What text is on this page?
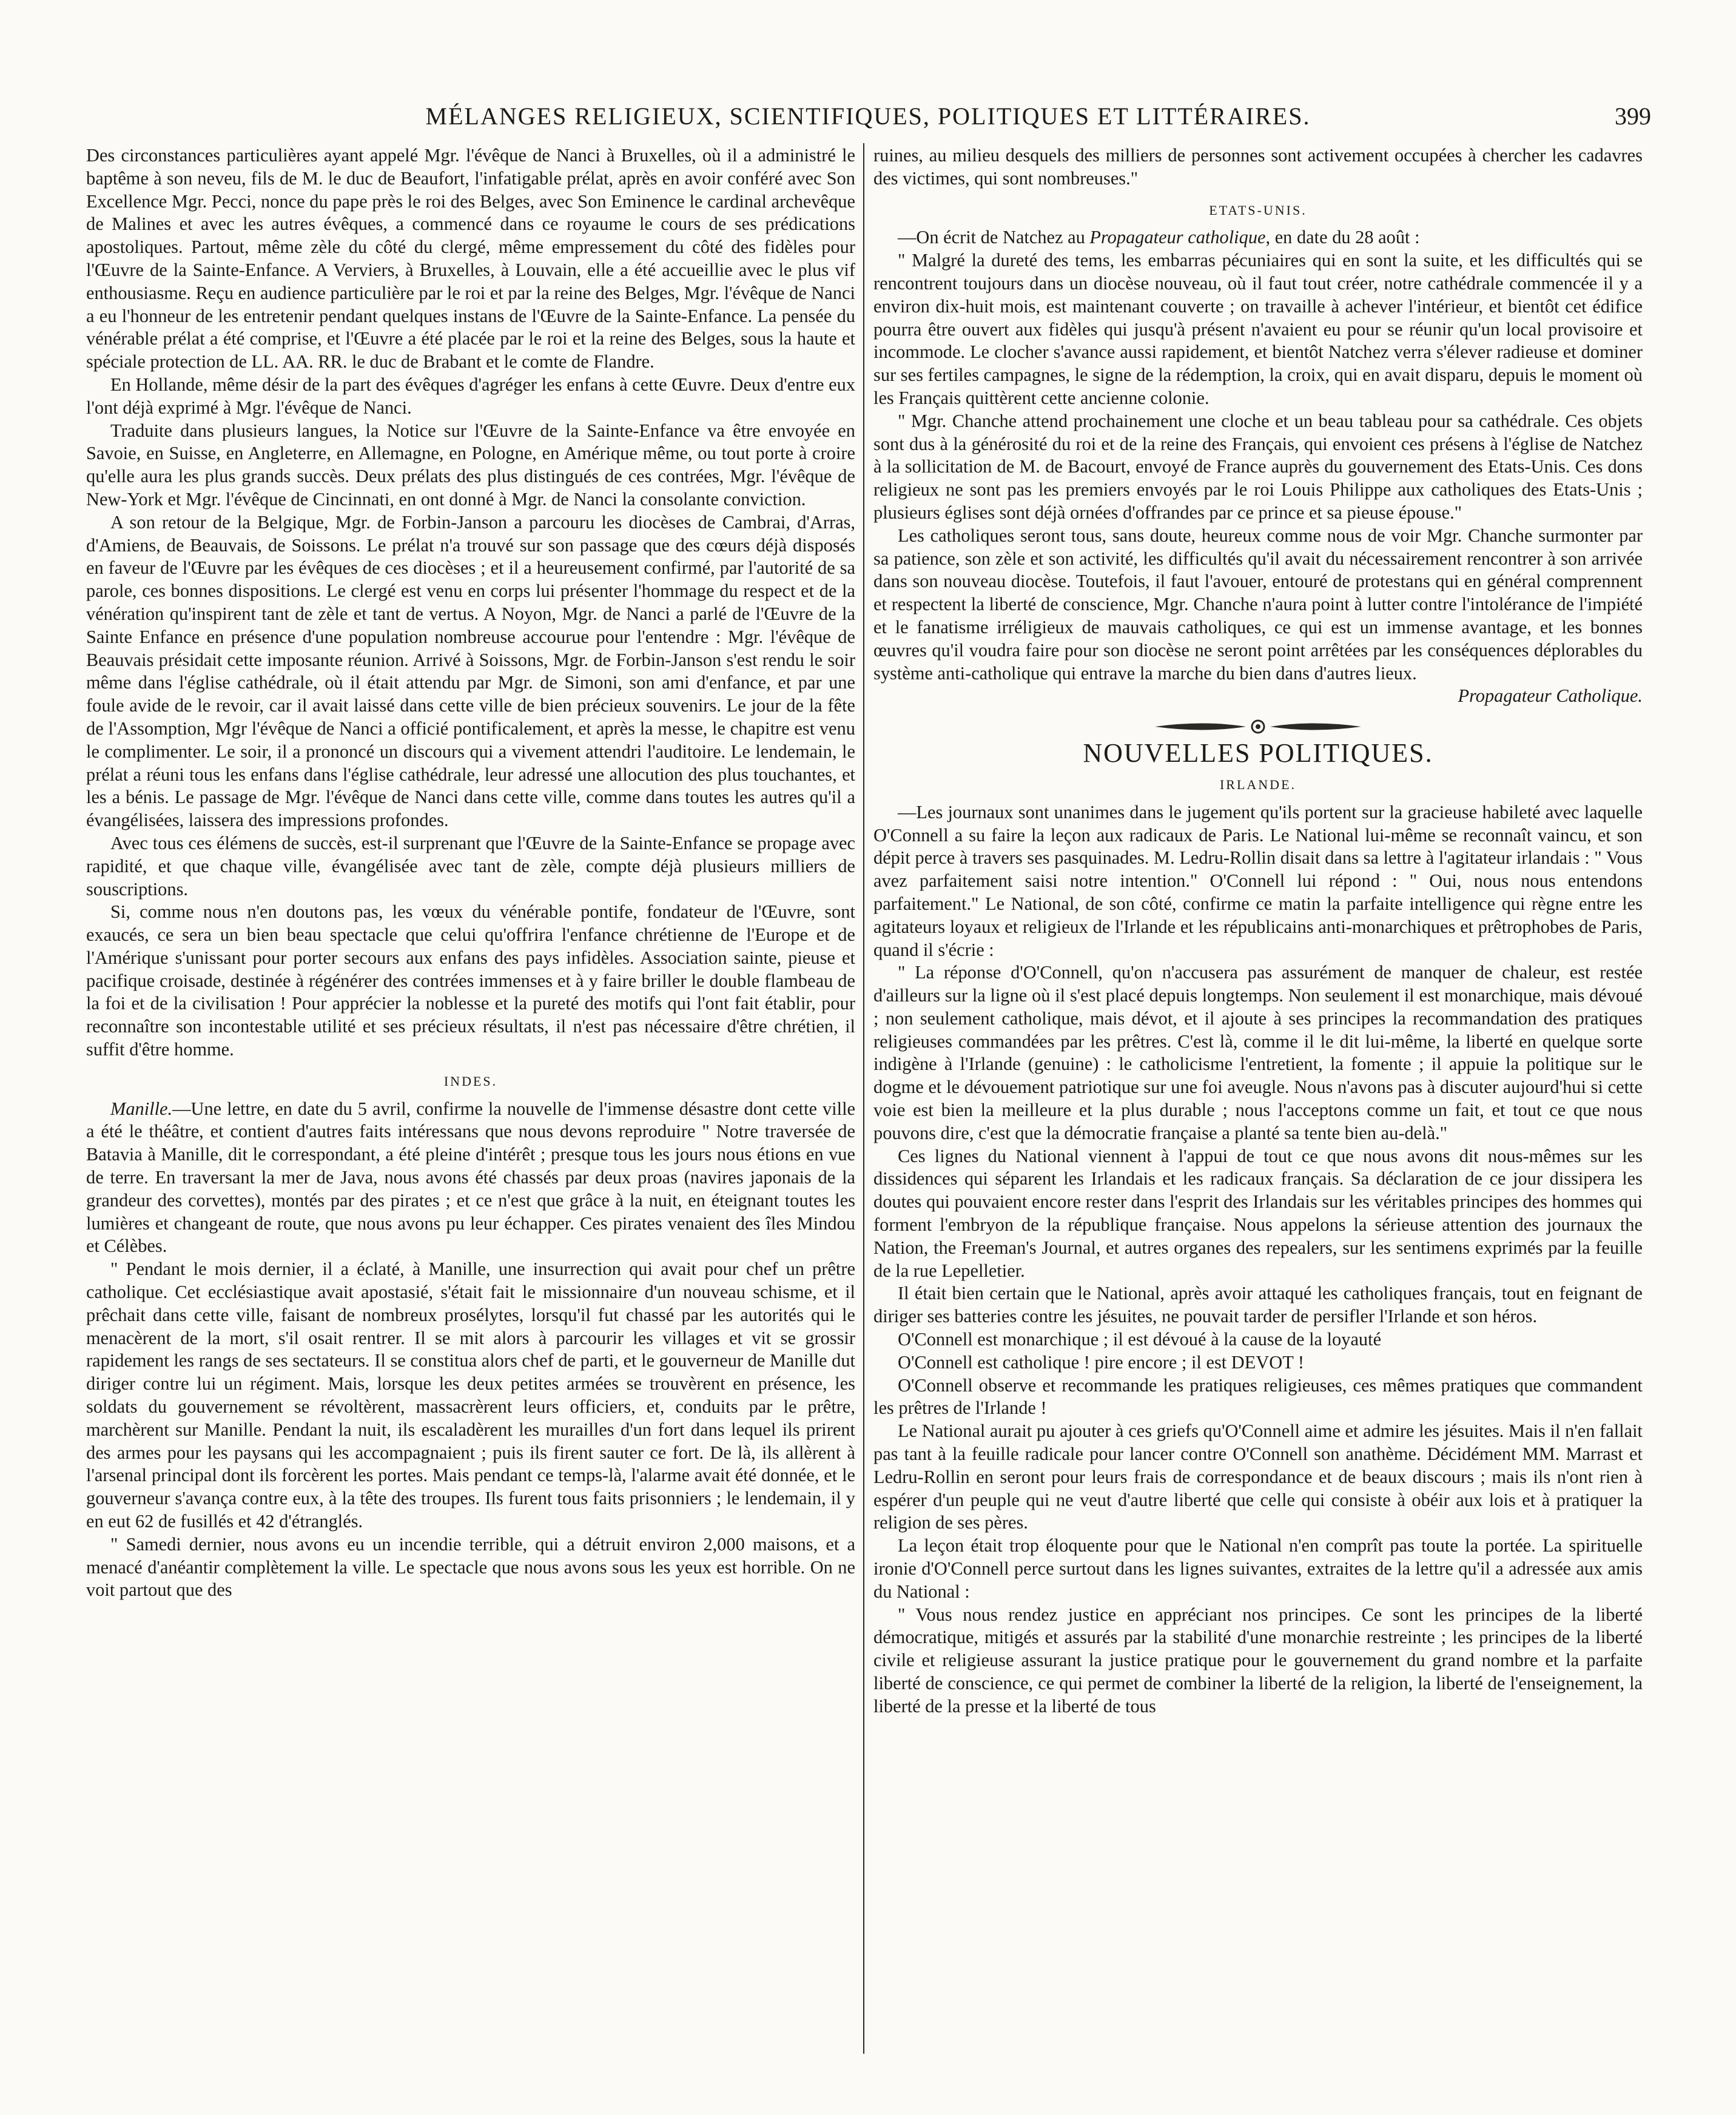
MÉLANGES RELIGIEUX, SCIENTIFIQUES, POLITIQUES ET LITTÉRAIRES.	399

Des circonstances particulières ayant appelé Mgr. l'évêque de Nanci à Bruxelles, où il a administré le baptême à son neveu, fils de M. le duc de Beaufort, l'infatigable prélat, après en avoir conféré avec Son Excellence Mgr. Pecci, nonce du pape près le roi des Belges, avec Son Eminence le cardinal archevêque de Malines et avec les autres évêques, a commencé dans ce royaume le cours de ses prédications apostoliques. Partout, même zèle du côté du clergé, même empressement du côté des fidèles pour l'Œuvre de la Sainte-Enfance. A Verviers, à Bruxelles, à Louvain, elle a été accueillie avec le plus vif enthousiasme. Reçu en audience particulière par le roi et par la reine des Belges, Mgr. l'évêque de Nanci a eu l'honneur de les entretenir pendant quelques instans de l'Œuvre de la Sainte-Enfance. La pensée du vénérable prélat a été comprise, et l'Œuvre a été placée par le roi et la reine des Belges, sous la haute et spéciale protection de LL. AA. RR. le duc de Brabant et le comte de Flandre.

En Hollande, même désir de la part des évêques d'agréger les enfans à cette Œuvre. Deux d'entre eux l'ont déjà exprimé à Mgr. l'évêque de Nanci.

Traduite dans plusieurs langues, la Notice sur l'Œuvre de la Sainte-Enfance va être envoyée en Savoie, en Suisse, en Angleterre, en Allemagne, en Pologne, en Amérique même, ou tout porte à croire qu'elle aura les plus grands succès. Deux prélats des plus distingués de ces contrées, Mgr. l'évêque de New-York et Mgr. l'évêque de Cincinnati, en ont donné à Mgr. de Nanci la consolante conviction.

A son retour de la Belgique, Mgr. de Forbin-Janson a parcouru les diocèses de Cambrai, d'Arras, d'Amiens, de Beauvais, de Soissons. Le prélat n'a trouvé sur son passage que des cœurs déjà disposés en faveur de l'Œuvre par les évêques de ces diocèses ; et il a heureusement confirmé, par l'autorité de sa parole, ces bonnes dispositions. Le clergé est venu en corps lui présenter l'hommage du respect et de la vénération qu'inspirent tant de zèle et tant de vertus. A Noyon, Mgr. de Nanci a parlé de l'Œuvre de la Sainte Enfance en présence d'une population nombreuse accourue pour l'entendre : Mgr. l'évêque de Beauvais présidait cette imposante réunion. Arrivé à Soissons, Mgr. de Forbin-Janson s'est rendu le soir même dans l'église cathédrale, où il était attendu par Mgr. de Simoni, son ami d'enfance, et par une foule avide de le revoir, car il avait laissé dans cette ville de bien précieux souvenirs. Le jour de la fête de l'Assomption, Mgr l'évêque de Nanci a officié pontificalement, et après la messe, le chapitre est venu le complimenter. Le soir, il a prononcé un discours qui a vivement attendri l'auditoire. Le lendemain, le prélat a réuni tous les enfans dans l'église cathédrale, leur adressé une allocution des plus touchantes, et les a bénis. Le passage de Mgr. l'évêque de Nanci dans cette ville, comme dans toutes les autres qu'il a évangélisées, laissera des impressions profondes.

Avec tous ces élémens de succès, est-il surprenant que l'Œuvre de la Sainte-Enfance se propage avec rapidité, et que chaque ville, évangélisée avec tant de zèle, compte déjà plusieurs milliers de souscriptions.

Si, comme nous n'en doutons pas, les vœux du vénérable pontife, fondateur de l'Œuvre, sont exaucés, ce sera un bien beau spectacle que celui qu'offrira l'enfance chrétienne de l'Europe et de l'Amérique s'unissant pour porter secours aux enfans des pays infidèles. Association sainte, pieuse et pacifique croisade, destinée à régénérer des contrées immenses et à y faire briller le double flambeau de la foi et de la civilisation ! Pour apprécier la noblesse et la pureté des motifs qui l'ont fait établir, pour reconnaître son incontestable utilité et ses précieux résultats, il n'est pas nécessaire d'être chrétien, il suffit d'être homme.

INDES.

Manille.—Une lettre, en date du 5 avril, confirme la nouvelle de l'immense désastre dont cette ville a été le théâtre, et contient d'autres faits intéressans que nous devons reproduire " Notre traversée de Batavia à Manille, dit le correspondant, a été pleine d'intérêt ; presque tous les jours nous étions en vue de terre. En traversant la mer de Java, nous avons été chassés par deux proas (navires japonais de la grandeur des corvettes), montés par des pirates ; et ce n'est que grâce à la nuit, en éteignant toutes les lumières et changeant de route, que nous avons pu leur échapper. Ces pirates venaient des îles Mindou et Célèbes.

" Pendant le mois dernier, il a éclaté, à Manille, une insurrection qui avait pour chef un prêtre catholique. Cet ecclésiastique avait apostasié, s'était fait le missionnaire d'un nouveau schisme, et il prêchait dans cette ville, faisant de nombreux prosélytes, lorsqu'il fut chassé par les autorités qui le menacèrent de la mort, s'il osait rentrer. Il se mit alors à parcourir les villages et vit se grossir rapidement les rangs de ses sectateurs. Il se constitua alors chef de parti, et le gouverneur de Manille dut diriger contre lui un régiment. Mais, lorsque les deux petites armées se trouvèrent en présence, les soldats du gouvernement se révoltèrent, massacrèrent leurs officiers, et, conduits par le prêtre, marchèrent sur Manille. Pendant la nuit, ils escaladèrent les murailles d'un fort dans lequel ils prirent des armes pour les paysans qui les accompagnaient ; puis ils firent sauter ce fort. De là, ils allèrent à l'arsenal principal dont ils forcèrent les portes. Mais pendant ce temps-là, l'alarme avait été donnée, et le gouverneur s'avança contre eux, à la tête des troupes. Ils furent tous faits prisonniers ; le lendemain, il y en eut 62 de fusillés et 42 d'étranglés.

" Samedi dernier, nous avons eu un incendie terrible, qui a détruit environ 2,000 maisons, et a menacé d'anéantir complètement la ville. Le spectacle que nous avons sous les yeux est horrible. On ne voit partout que des

ruines, au milieu desquels des milliers de personnes sont activement occupées à chercher les cadavres des victimes, qui sont nombreuses."

ETATS-UNIS.

—On écrit de Natchez au Propagateur catholique, en date du 28 août :

" Malgré la dureté des tems, les embarras pécuniaires qui en sont la suite, et les difficultés qui se rencontrent toujours dans un diocèse nouveau, où il faut tout créer, notre cathédrale commencée il y a environ dix-huit mois, est maintenant couverte ; on travaille à achever l'intérieur, et bientôt cet édifice pourra être ouvert aux fidèles qui jusqu'à présent n'avaient eu pour se réunir qu'un local provisoire et incommode. Le clocher s'avance aussi rapidement, et bientôt Natchez verra s'élever radieuse et dominer sur ses fertiles campagnes, le signe de la rédemption, la croix, qui en avait disparu, depuis le moment où les Français quittèrent cette ancienne colonie.

" Mgr. Chanche attend prochainement une cloche et un beau tableau pour sa cathédrale. Ces objets sont dus à la générosité du roi et de la reine des Français, qui envoient ces présens à l'église de Natchez à la sollicitation de M. de Bacourt, envoyé de France auprès du gouvernement des Etats-Unis. Ces dons religieux ne sont pas les premiers envoyés par le roi Louis Philippe aux catholiques des Etats-Unis ; plusieurs églises sont déjà ornées d'offrandes par ce prince et sa pieuse épouse."

Les catholiques seront tous, sans doute, heureux comme nous de voir Mgr. Chanche surmonter par sa patience, son zèle et son activité, les difficultés qu'il avait du nécessairement rencontrer à son arrivée dans son nouveau diocèse. Toutefois, il faut l'avouer, entouré de protestans qui en général comprennent et respectent la liberté de conscience, Mgr. Chanche n'aura point à lutter contre l'intolérance de l'impiété et le fanatisme irréligieux de mauvais catholiques, ce qui est un immense avantage, et les bonnes œuvres qu'il voudra faire pour son diocèse ne seront point arrêtées par les conséquences déplorables du système anti-catholique qui entrave la marche du bien dans d'autres lieux.

Propagateur Catholique.
NOUVELLES POLITIQUES.
IRLANDE.

—Les journaux sont unanimes dans le jugement qu'ils portent sur la gracieuse habileté avec laquelle O'Connell a su faire la leçon aux radicaux de Paris. Le National lui-même se reconnaît vaincu, et son dépit perce à travers ses pasquinades. M. Ledru-Rollin disait dans sa lettre à l'agitateur irlandais : " Vous avez parfaitement saisi notre intention." O'Connell lui répond : " Oui, nous nous entendons parfaitement." Le National, de son côté, confirme ce matin la parfaite intelligence qui règne entre les agitateurs loyaux et religieux de l'Irlande et les républicains anti-monarchiques et prêtrophobes de Paris, quand il s'écrie :

" La réponse d'O'Connell, qu'on n'accusera pas assurément de manquer de chaleur, est restée d'ailleurs sur la ligne où il s'est placé depuis longtemps. Non seulement il est monarchique, mais dévoué ; non seulement catholique, mais dévot, et il ajoute à ses principes la recommandation des pratiques religieuses commandées par les prêtres. C'est là, comme il le dit lui-même, la liberté en quelque sorte indigène à l'Irlande (genuine) : le catholicisme l'entretient, la fomente ; il appuie la politique sur le dogme et le dévouement patriotique sur une foi aveugle. Nous n'avons pas à discuter aujourd'hui si cette voie est bien la meilleure et la plus durable ; nous l'acceptons comme un fait, et tout ce que nous pouvons dire, c'est que la démocratie française a planté sa tente bien au-delà."

Ces lignes du National viennent à l'appui de tout ce que nous avons dit nous-mêmes sur les dissidences qui séparent les Irlandais et les radicaux français. Sa déclaration de ce jour dissipera les doutes qui pouvaient encore rester dans l'esprit des Irlandais sur les véritables principes des hommes qui forment l'embryon de la république française. Nous appelons la sérieuse attention des journaux the Nation, the Freeman's Journal, et autres organes des repealers, sur les sentimens exprimés par la feuille de la rue Lepelletier.

Il était bien certain que le National, après avoir attaqué les catholiques français, tout en feignant de diriger ses batteries contre les jésuites, ne pouvait tarder de persifler l'Irlande et son héros.

O'Connell est monarchique ; il est dévoué à la cause de la loyauté

O'Connell est catholique ! pire encore ; il est DEVOT !

O'Connell observe et recommande les pratiques religieuses, ces mêmes pratiques que commandent les prêtres de l'Irlande !

Le National aurait pu ajouter à ces griefs qu'O'Connell aime et admire les jésuites. Mais il n'en fallait pas tant à la feuille radicale pour lancer contre O'Connell son anathème. Décidément MM. Marrast et Ledru-Rollin en seront pour leurs frais de correspondance et de beaux discours ; mais ils n'ont rien à espérer d'un peuple qui ne veut d'autre liberté que celle qui consiste à obéir aux lois et à pratiquer la religion de ses pères.

La leçon était trop éloquente pour que le National n'en comprît pas toute la portée. La spirituelle ironie d'O'Connell perce surtout dans les lignes suivantes, extraites de la lettre qu'il a adressée aux amis du National :

" Vous nous rendez justice en appréciant nos principes. Ce sont les principes de la liberté démocratique, mitigés et assurés par la stabilité d'une monarchie restreinte ; les principes de la liberté civile et religieuse assurant la justice pratique pour le gouvernement du grand nombre et la parfaite liberté de conscience, ce qui permet de combiner la liberté de la religion, la liberté de l'enseignement, la liberté de la presse et la liberté de tous
